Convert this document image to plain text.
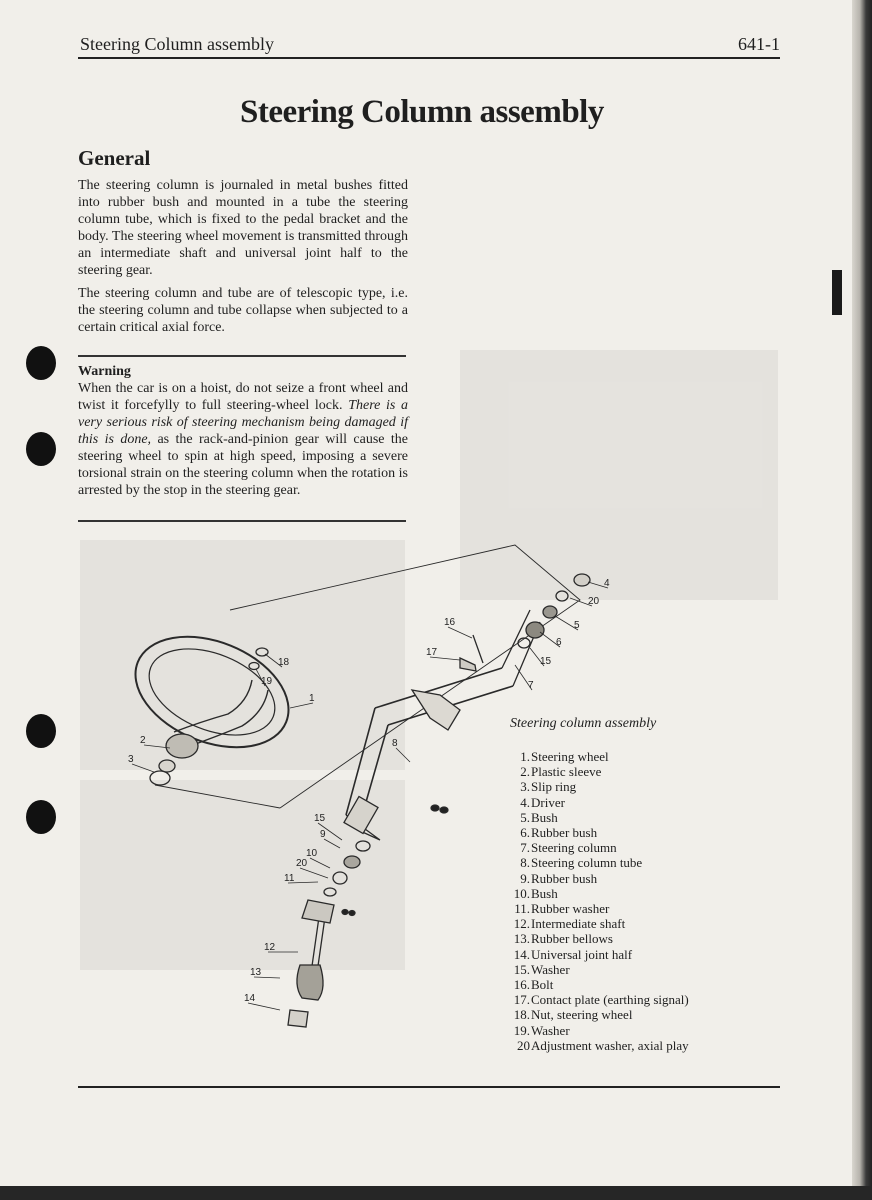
Steering Column assembly	641-1
Steering Column assembly
General

The steering column is journaled in metal bushes fitted into rubber bush and mounted in a tube the steering column tube, which is fixed to the pedal bracket and the body. The steering wheel movement is transmitted through an intermediate shaft and universal joint half to the steering gear.

The steering column and tube are of telescopic type, i.e. the steering column and tube collapse when subjected to a certain critical axial force.

Warning

When the car is on a hoist, do not seize a front wheel and twist it forcefylly to full steering-wheel lock. There is a very serious risk of steering mechanism being damaged if this is done, as the rack-and-pinion gear will cause the steering wheel to spin at high speed, imposing a severe torsional strain on the steering column when the rotation is arrested by the stop in the steering gear.

1
2
3
4
5
6
7
8
9
10
11
12
13
14
15
15
16
17
18
19
20
20
Steering column assembly
1. Steering wheel
2. Plastic sleeve
3. Slip ring
4. Driver
5. Bush
6. Rubber bush
7. Steering column
8. Steering column tube
9. Rubber bush
10. Bush
11. Rubber washer
12. Intermediate shaft
13. Rubber bellows
14. Universal joint half
15. Washer
16. Bolt
17. Contact plate (earthing signal)
18. Nut, steering wheel
19. Washer
20 Adjustment washer, axial play
